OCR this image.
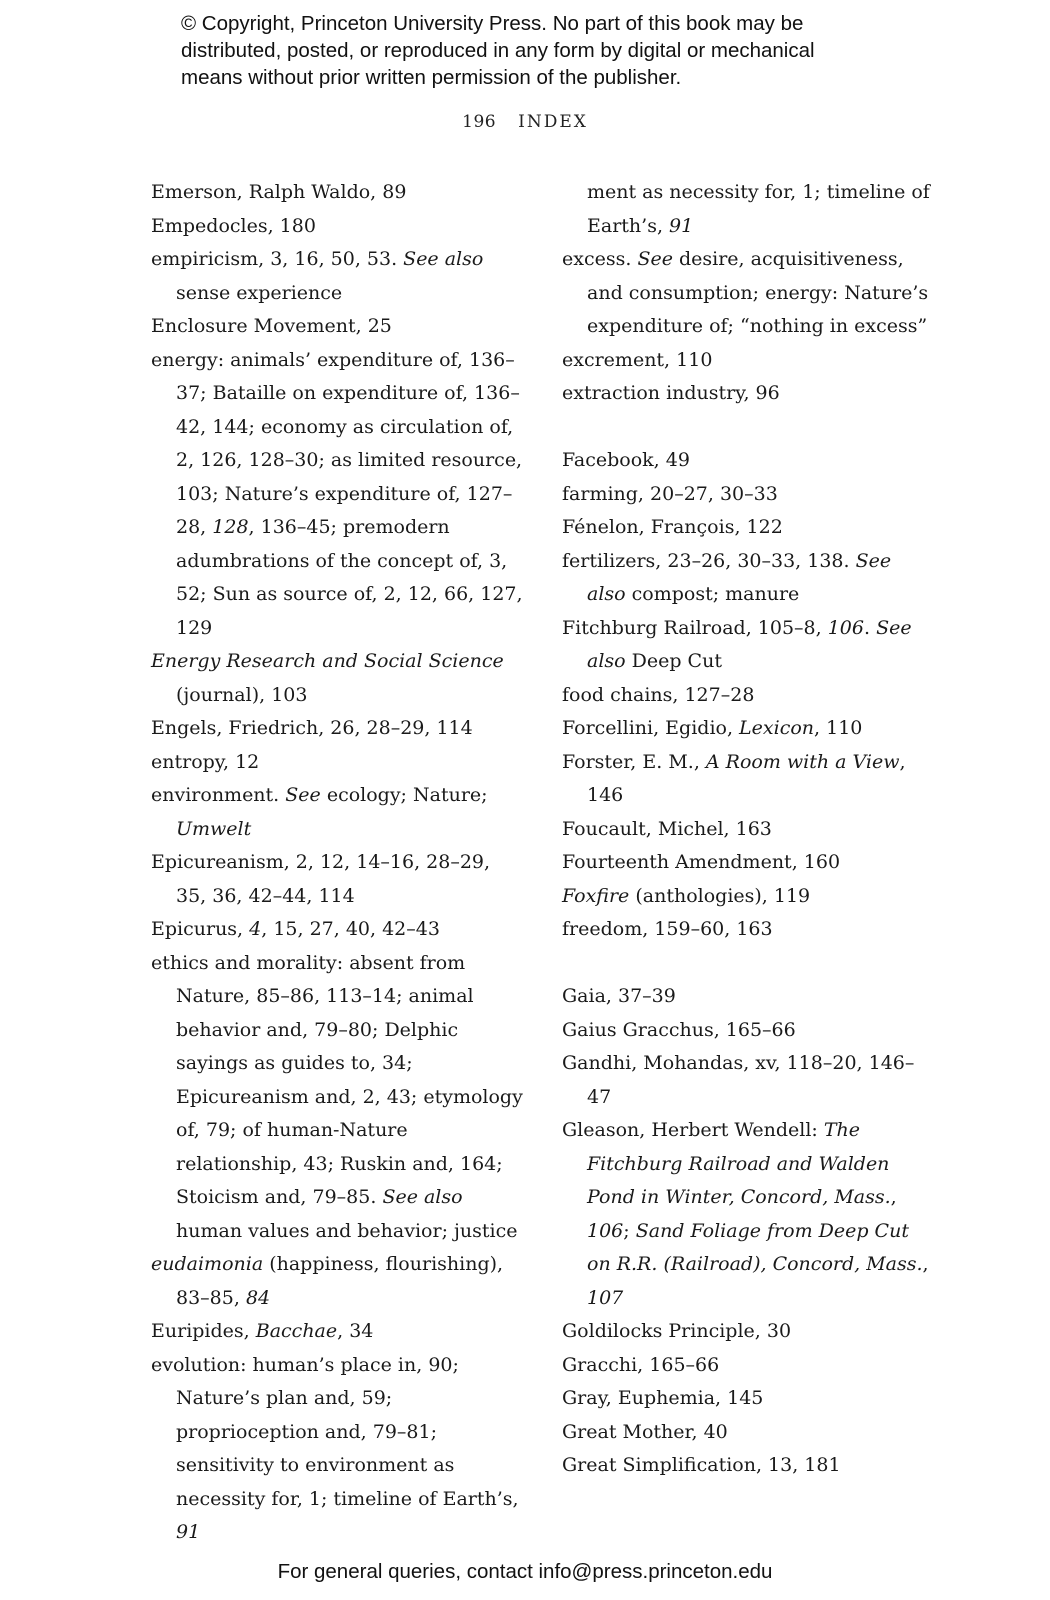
© Copyright, Princeton University Press. No part of this book may be
distributed, posted, or reproduced in any form by digital or mechanical
means without prior written permission of the publisher.
196 INDEX
Emerson, Ralph Waldo, 89
Empedocles, 180
empiricism, 3, 16, 50, 53. See also sense experience
Enclosure Movement, 25
energy: animals’ expenditure of, 136–37; Bataille on expenditure of, 136–42, 144; economy as circulation of, 2, 126, 128–30; as limited resource, 103; Nature’s expenditure of, 127–28, 128, 136–45; premodern adumbrations of the concept of, 3, 52; Sun as source of, 2, 12, 66, 127, 129
Energy Research and Social Science (journal), 103
Engels, Friedrich, 26, 28–29, 114
entropy, 12
environment. See ecology; Nature; Umwelt
Epicureanism, 2, 12, 14–16, 28–29, 35, 36, 42–44, 114
Epicurus, 4, 15, 27, 40, 42–43
ethics and morality: absent from Nature, 85–86, 113–14; animal behavior and, 79–80; Delphic sayings as guides to, 34; Epicureanism and, 2, 43; etymology of, 79; of human-Nature relationship, 43; Ruskin and, 164; Stoicism and, 79–85. See also human values and behavior; justice
eudaimonia (happiness, flourishing), 83–85, 84
Euripides, Bacchae, 34
evolution: human’s place in, 90; Nature’s plan and, 59; proprioception and, 79–81; sensitivity to environment as necessity for, 1; timeline of Earth’s, 91
ment as necessity for, 1; timeline of Earth’s, 91
excess. See desire, acquisitiveness, and consumption; energy: Nature’s expenditure of; “nothing in excess”
excrement, 110
extraction industry, 96
Facebook, 49
farming, 20–27, 30–33
Fénelon, François, 122
fertilizers, 23–26, 30–33, 138. See also compost; manure
Fitchburg Railroad, 105–8, 106. See also Deep Cut
food chains, 127–28
Forcellini, Egidio, Lexicon, 110
Forster, E. M., A Room with a View, 146
Foucault, Michel, 163
Fourteenth Amendment, 160
Foxfire (anthologies), 119
freedom, 159–60, 163
Gaia, 37–39
Gaius Gracchus, 165–66
Gandhi, Mohandas, xv, 118–20, 146–47
Gleason, Herbert Wendell: The Fitchburg Railroad and Walden Pond in Winter, Concord, Mass., 106; Sand Foliage from Deep Cut on R.R. (Railroad), Concord, Mass., 107
Goldilocks Principle, 30
Gracchi, 165–66
Gray, Euphemia, 145
Great Mother, 40
Great Simplification, 13, 181
For general queries, contact info@press.princeton.edu
